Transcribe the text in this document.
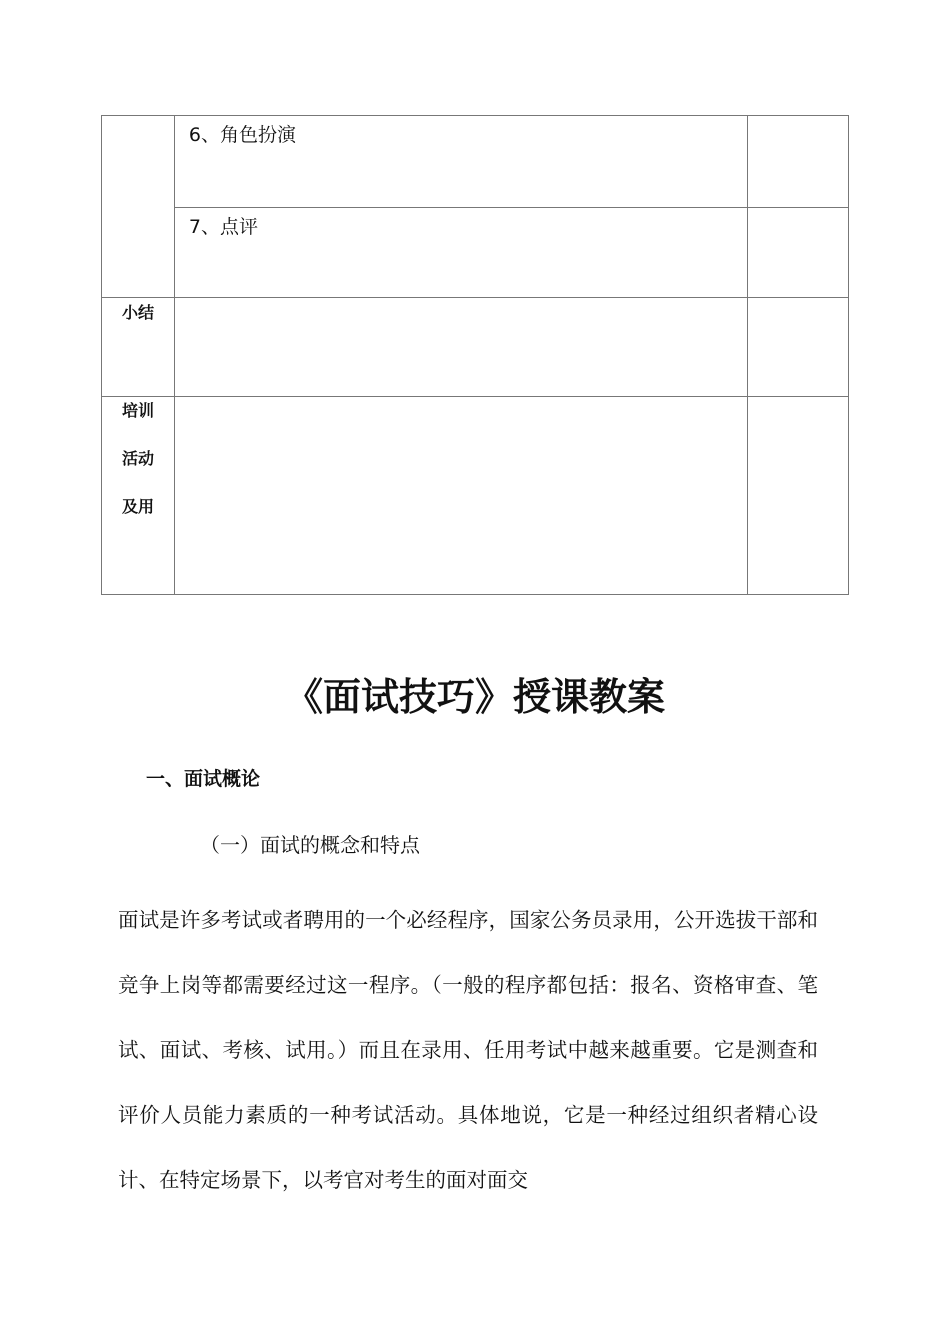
	6、角色扮演	

	7、点评	

小结		

培训
活动
及用		

《面试技巧》授课教案
一、面试概论
（一）面试的概念和特点

面试是许多考试或者聘用的一个必经程序，国家公务员录用，公开选拔干部和竞争上岗等都需要经过这一程序。（一般的程序都包括：报名、资格审查、笔试、面试、考核、试用。）而且在录用、任用考试中越来越重要。它是测查和评价人员能力素质的一种考试活动。具体地说，它是一种经过组织者精心设计、在特定场景下，以考官对考生的面对面交
